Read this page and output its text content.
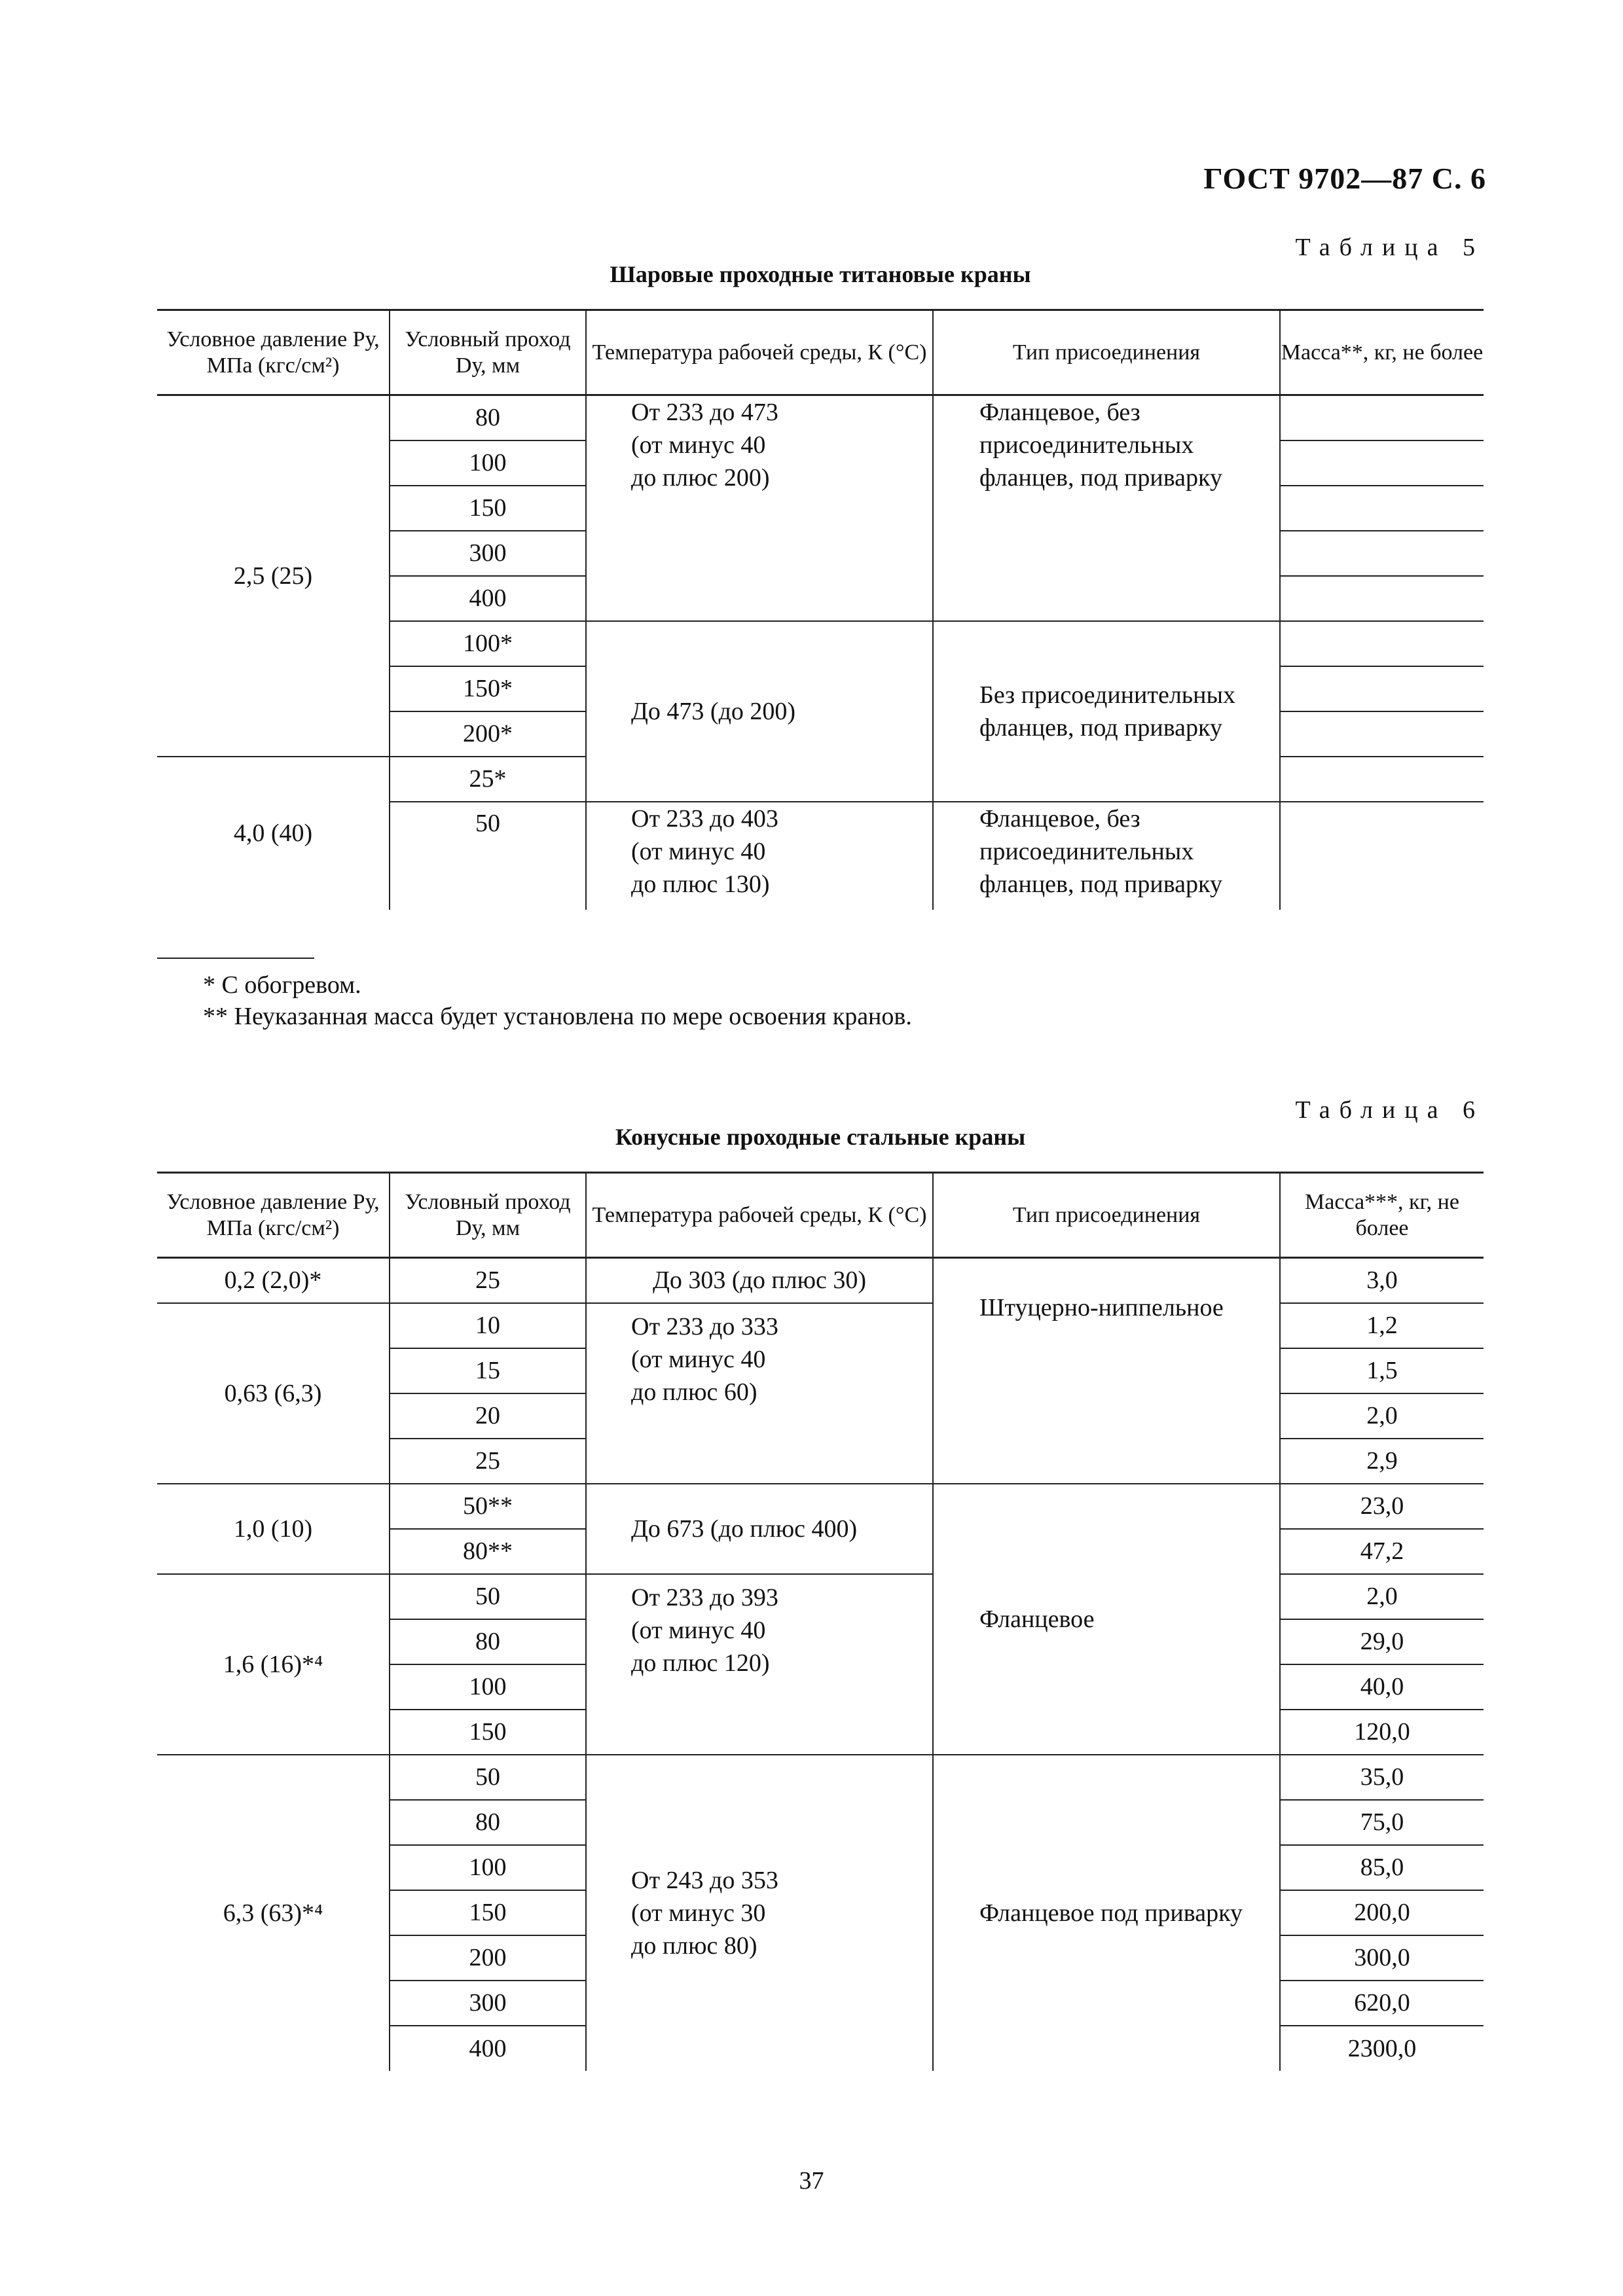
ГОСТ 9702—87 С. 6
Таблица 5
Шаровые проходные титановые краны
Условное давление Pу, МПа (кгс/см²)	Условный проход Dу, мм	Температура рабочей среды, К (°С)	Тип присоединения	Масса**, кг, не более
2,5 (25)	80	От 233 до 473
(от минус 40
до плюс 200)	Фланцевое, без
присоединительных
фланцев, под приварку	

	100			
	150			
	300			
	400			
	100*	До 473 (до 200)	Без присоединительных
фланцев, под приварку	

	150*			
	200*			
4,0 (40)	25*			
	50	От 233 до 403
(от минус 40
до плюс 130)	Фланцевое, без
присоединительных
фланцев, под приварку	

* С обогревом.
** Неуказанная масса будет установлена по мере освоения кранов.
Таблица 6
Конусные проходные стальные краны
Условное давление Pу, МПа (кгс/см²)	Условный проход Dу, мм	Температура рабочей среды, К (°С)	Тип присоединения	Масса***, кг, не более
0,2 (2,0)*	25	До 303 (до плюс 30)	Штуцерно-ниппельное	3,0
0,63 (6,3)	10	От 233 до 333
(от минус 40
до плюс 60)		1,2
	15			1,5
	20			2,0
	25			2,9
1,0 (10)	50**	До 673 (до плюс 400)	Фланцевое	23,0
	80**			47,2
1,6 (16)*⁴	50	От 233 до 393
(от минус 40
до плюс 120)		2,0
	80			29,0
	100			40,0
	150			120,0
6,3 (63)*⁴	50	От 243 до 353
(от минус 30
до плюс 80)	Фланцевое под приварку	35,0
	80			75,0
	100			85,0
	150			200,0
	200			300,0
	300			620,0
	400			2300,0
37
